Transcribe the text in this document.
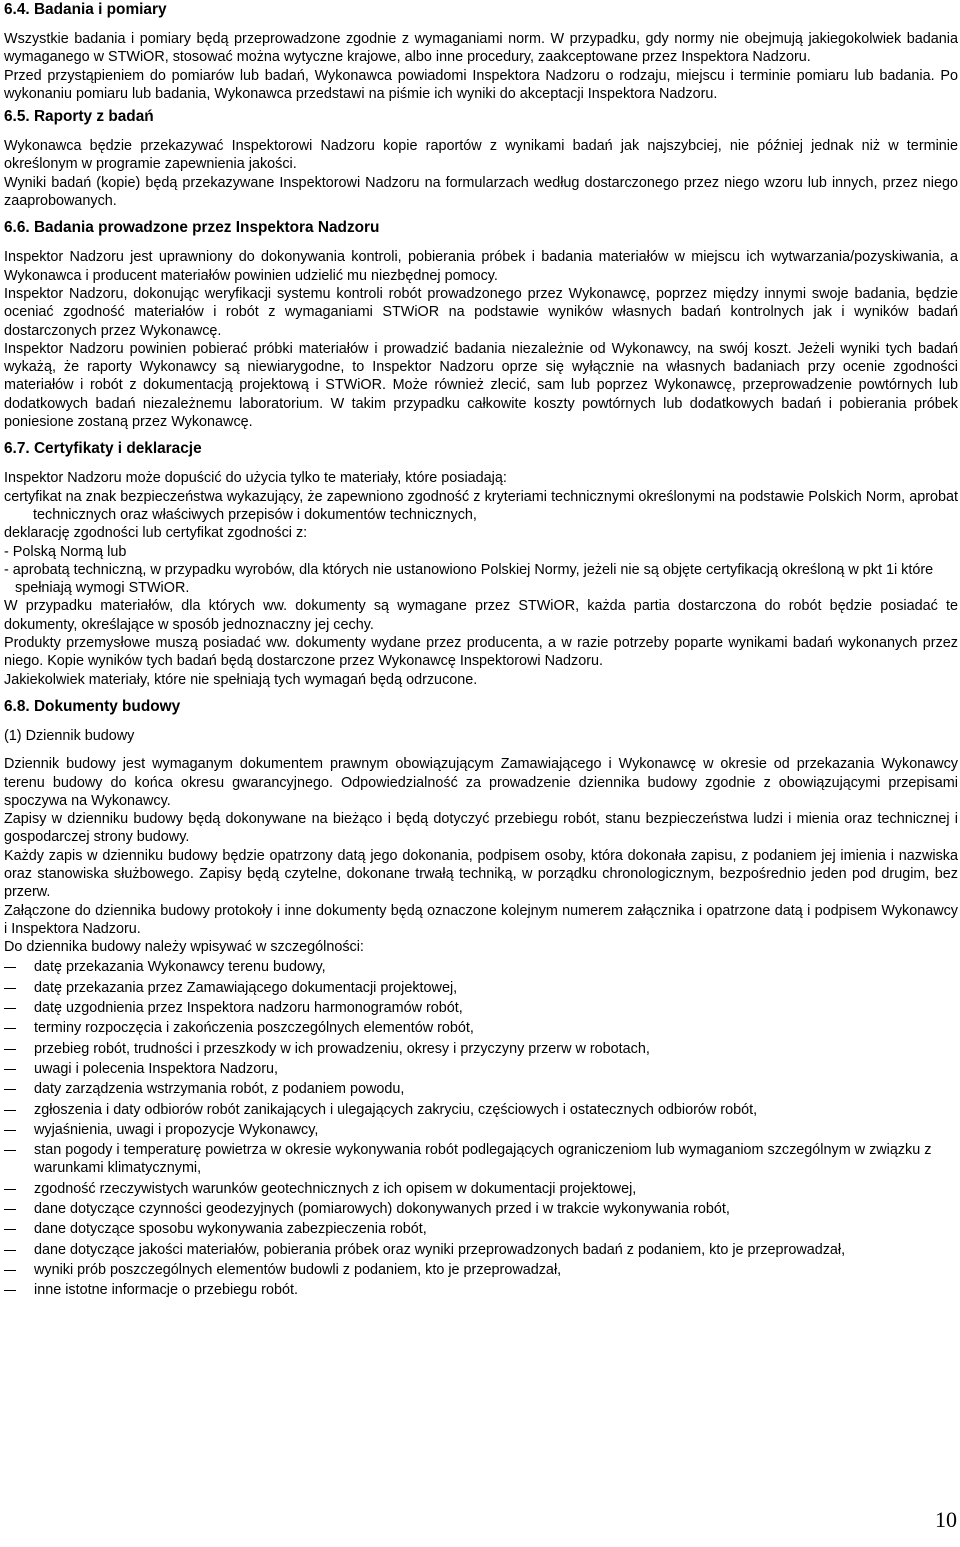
6.4. Badania i pomiary

Wszystkie badania i pomiary będą przeprowadzone zgodnie z wymaganiami norm. W przypadku, gdy normy nie obejmują jakiegokolwiek badania wymaganego w STWiOR, stosować można wytyczne krajowe, albo inne procedury, zaakceptowane przez Inspektora Nadzoru.

Przed przystąpieniem do pomiarów lub badań, Wykonawca powiadomi Inspektora Nadzoru o rodzaju, miejscu i terminie pomiaru lub badania. Po wykonaniu pomiaru lub badania, Wykonawca przedstawi na piśmie ich wyniki do akceptacji Inspektora Nadzoru.

6.5. Raporty z badań

Wykonawca będzie przekazywać Inspektorowi Nadzoru kopie raportów z wynikami badań jak najszybciej, nie później jednak niż w terminie określonym w programie zapewnienia jakości.

Wyniki badań (kopie) będą przekazywane Inspektorowi Nadzoru na formularzach według dostarczonego przez niego wzoru lub innych, przez niego zaaprobowanych.

6.6. Badania prowadzone przez Inspektora Nadzoru

Inspektor Nadzoru jest uprawniony do dokonywania kontroli, pobierania próbek i badania materiałów w miejscu ich wytwarzania/pozyskiwania, a Wykonawca i producent materiałów powinien udzielić mu niezbędnej pomocy.

Inspektor Nadzoru, dokonując weryfikacji systemu kontroli robót prowadzonego przez Wykonawcę, poprzez między innymi swoje badania, będzie oceniać zgodność materiałów i robót z wymaganiami STWiOR na podstawie wyników własnych badań kontrolnych jak i wyników badań dostarczonych przez Wykonawcę.

Inspektor Nadzoru powinien pobierać próbki materiałów i prowadzić badania niezależnie od Wykonawcy, na swój koszt. Jeżeli wyniki tych badań wykażą, że raporty Wykonawcy są niewiarygodne, to Inspektor Nadzoru oprze się wyłącznie na własnych badaniach przy ocenie zgodności materiałów i robót z dokumentacją projektową i STWiOR. Może również zlecić, sam lub poprzez Wykonawcę, przeprowadzenie powtórnych lub dodatkowych badań niezależnemu laboratorium. W takim przypadku całkowite koszty powtórnych lub dodatkowych badań i pobierania próbek poniesione zostaną przez Wykonawcę.

6.7. Certyfikaty i deklaracje

Inspektor Nadzoru może dopuścić do użycia tylko te materiały, które posiadają:

certyfikat na znak bezpieczeństwa wykazujący, że zapewniono zgodność z kryteriami technicznymi określonymi na podstawie Polskich Norm, aprobat technicznych oraz właściwych przepisów i dokumentów technicznych,

deklarację zgodności lub certyfikat zgodności z:

- Polską Normą lub

- aprobatą techniczną, w przypadku wyrobów, dla których nie ustanowiono Polskiej Normy, jeżeli nie są objęte certyfikacją określoną w pkt 1i które spełniają wymogi STWiOR.

W przypadku materiałów, dla których ww. dokumenty są wymagane przez STWiOR, każda partia dostarczona do robót będzie posiadać te dokumenty, określające w sposób jednoznaczny jej cechy.

Produkty przemysłowe muszą posiadać ww. dokumenty wydane przez producenta, a w razie potrzeby poparte wynikami badań wykonanych przez niego. Kopie wyników tych badań będą dostarczone przez Wykonawcę Inspektorowi Nadzoru.

Jakiekolwiek materiały, które nie spełniają tych wymagań będą odrzucone.

6.8. Dokumenty budowy

(1) Dziennik budowy

Dziennik budowy jest wymaganym dokumentem prawnym obowiązującym Zamawiającego i Wykonawcę w okresie od przekazania Wykonawcy terenu budowy do końca okresu gwarancyjnego. Odpowiedzialność za prowadzenie dziennika budowy zgodnie z obowiązującymi przepisami spoczywa na Wykonawcy.

Zapisy w dzienniku budowy będą dokonywane na bieżąco i będą dotyczyć przebiegu robót, stanu bezpieczeństwa ludzi i mienia oraz technicznej i gospodarczej strony budowy.

Każdy zapis w dzienniku budowy będzie opatrzony datą jego dokonania, podpisem osoby, która dokonała zapisu, z podaniem jej imienia i nazwiska oraz stanowiska służbowego. Zapisy będą czytelne, dokonane trwałą techniką, w porządku chronologicznym, bezpośrednio jeden pod drugim, bez przerw.

Załączone do dziennika budowy protokoły i inne dokumenty będą oznaczone kolejnym numerem załącznika i opatrzone datą i podpisem Wykonawcy i Inspektora Nadzoru.

Do dziennika budowy należy wpisywać w szczególności:

datę przekazania Wykonawcy terenu budowy,
datę przekazania przez Zamawiającego dokumentacji projektowej,
datę uzgodnienia przez Inspektora nadzoru harmonogramów robót,
terminy rozpoczęcia i zakończenia poszczególnych elementów robót,
przebieg robót, trudności i przeszkody w ich prowadzeniu, okresy i przyczyny przerw w robotach,
uwagi i polecenia Inspektora Nadzoru,
daty zarządzenia wstrzymania robót, z podaniem powodu,
zgłoszenia i daty odbiorów robót zanikających i ulegających zakryciu, częściowych i ostatecznych odbiorów robót,
wyjaśnienia, uwagi i propozycje Wykonawcy,
stan pogody i temperaturę powietrza w okresie wykonywania robót podlegających ograniczeniom lub wymaganiom szczególnym w związku z warunkami klimatycznymi,
zgodność rzeczywistych warunków geotechnicznych z ich opisem w dokumentacji projektowej,
dane dotyczące czynności geodezyjnych (pomiarowych) dokonywanych przed i w trakcie wykonywania robót,
dane dotyczące sposobu wykonywania zabezpieczenia robót,
dane dotyczące jakości materiałów, pobierania próbek oraz wyniki przeprowadzonych badań z podaniem, kto je przeprowadzał,
wyniki prób poszczególnych elementów budowli z podaniem, kto je przeprowadzał,
inne istotne informacje o przebiegu robót.
10
